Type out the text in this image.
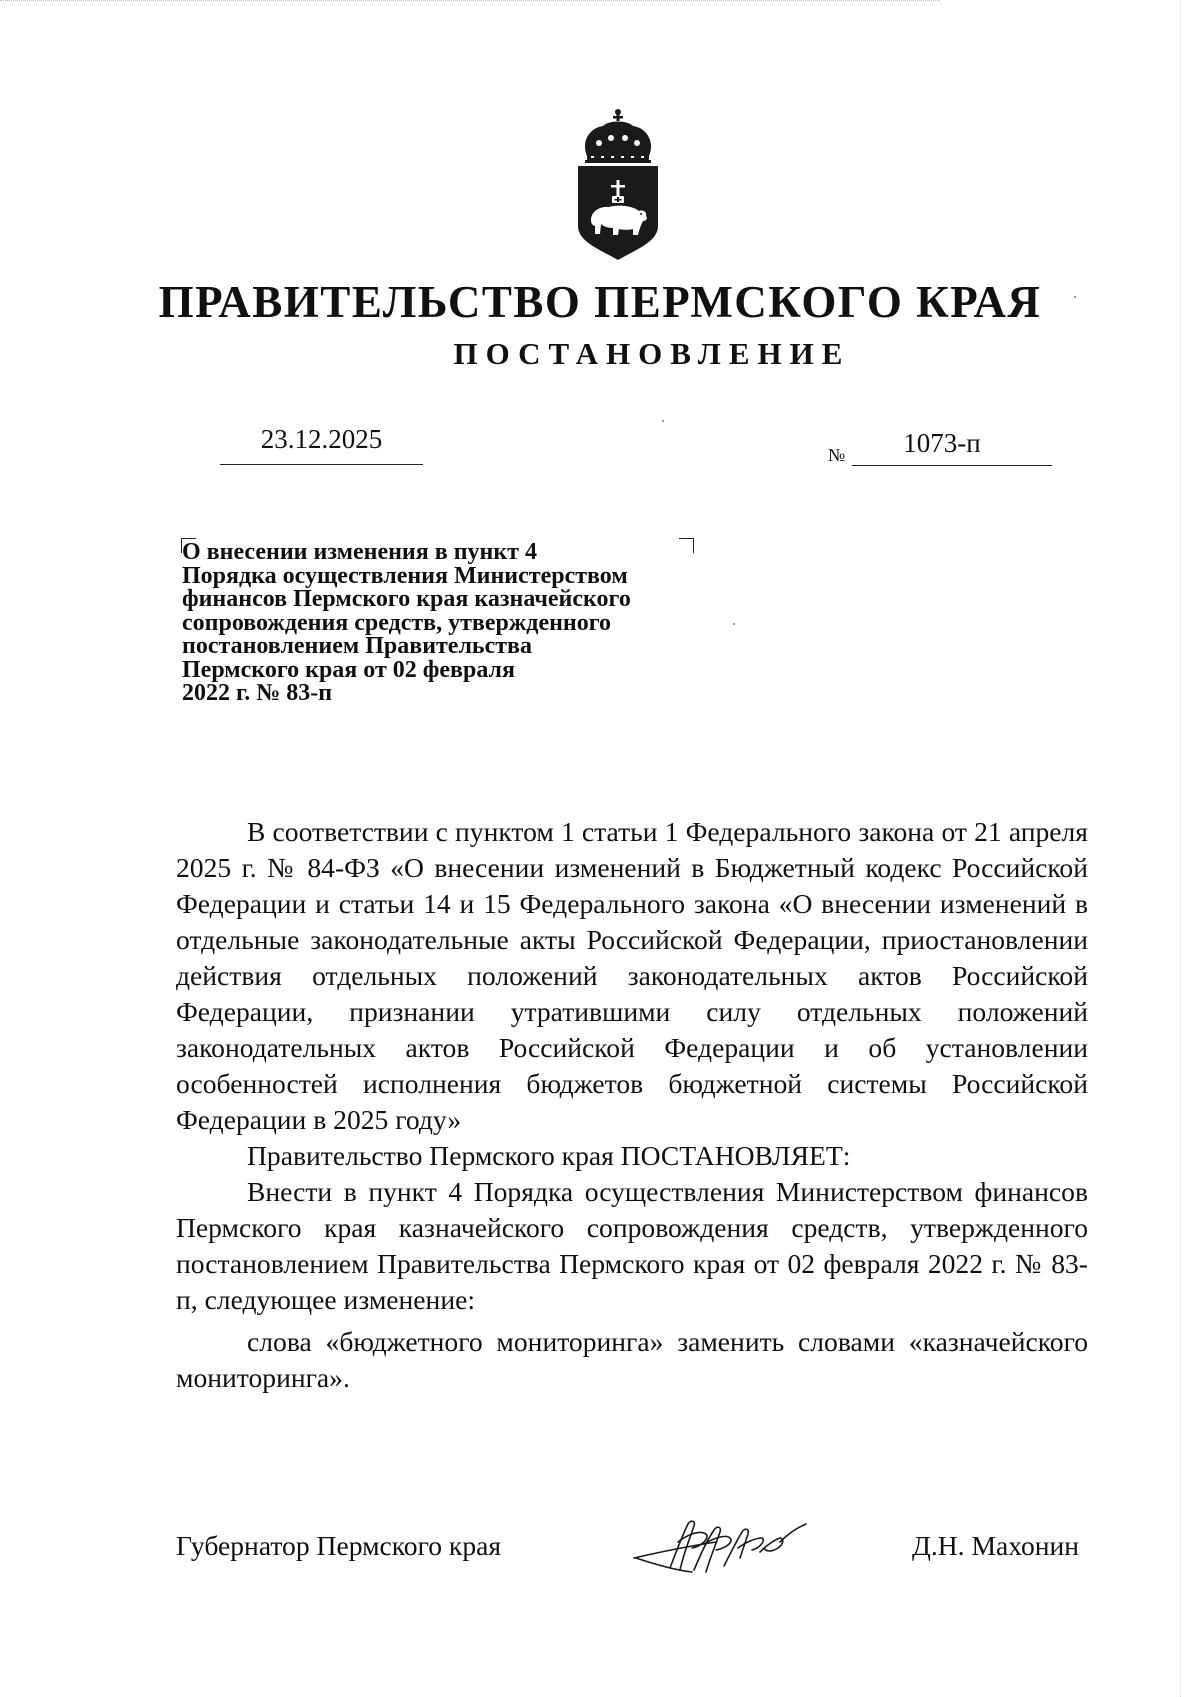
ПРАВИТЕЛЬСТВО ПЕРМСКОГО КРАЯ
ПОСТАНОВЛЕНИЕ
23.12.2025
№	1073-п
О внесении изменения в пункт 4
Порядка осуществления Министерством
финансов Пермского края казначейского
сопровождения средств, утвержденного
постановлением Правительства
Пермского края от 02 февраля
2022 г. № 83-п

В соответствии с пунктом 1 статьи 1 Федерального закона от 21 апреля 2025 г. № 84-ФЗ «О внесении изменений в Бюджетный кодекс Российской Федерации и статьи 14 и 15 Федерального закона «О внесении изменений в отдельные законодательные акты Российской Федерации, приостановлении действия отдельных положений законодательных актов Российской Федерации, признании утратившими силу отдельных положений законодательных актов Российской Федерации и об установлении особенностей исполнения бюджетов бюджетной системы Российской Федерации в 2025 году»

Правительство Пермского края ПОСТАНОВЛЯЕТ:

Внести в пункт 4 Порядка осуществления Министерством финансов Пермского края казначейского сопровождения средств, утвержденного постановлением Правительства Пермского края от 02 февраля 2022 г. № 83-п, следующее изменение:

слова «бюджетного мониторинга» заменить словами «казначейского мониторинга».

Губернатор Пермского края	Д.Н. Махонин
